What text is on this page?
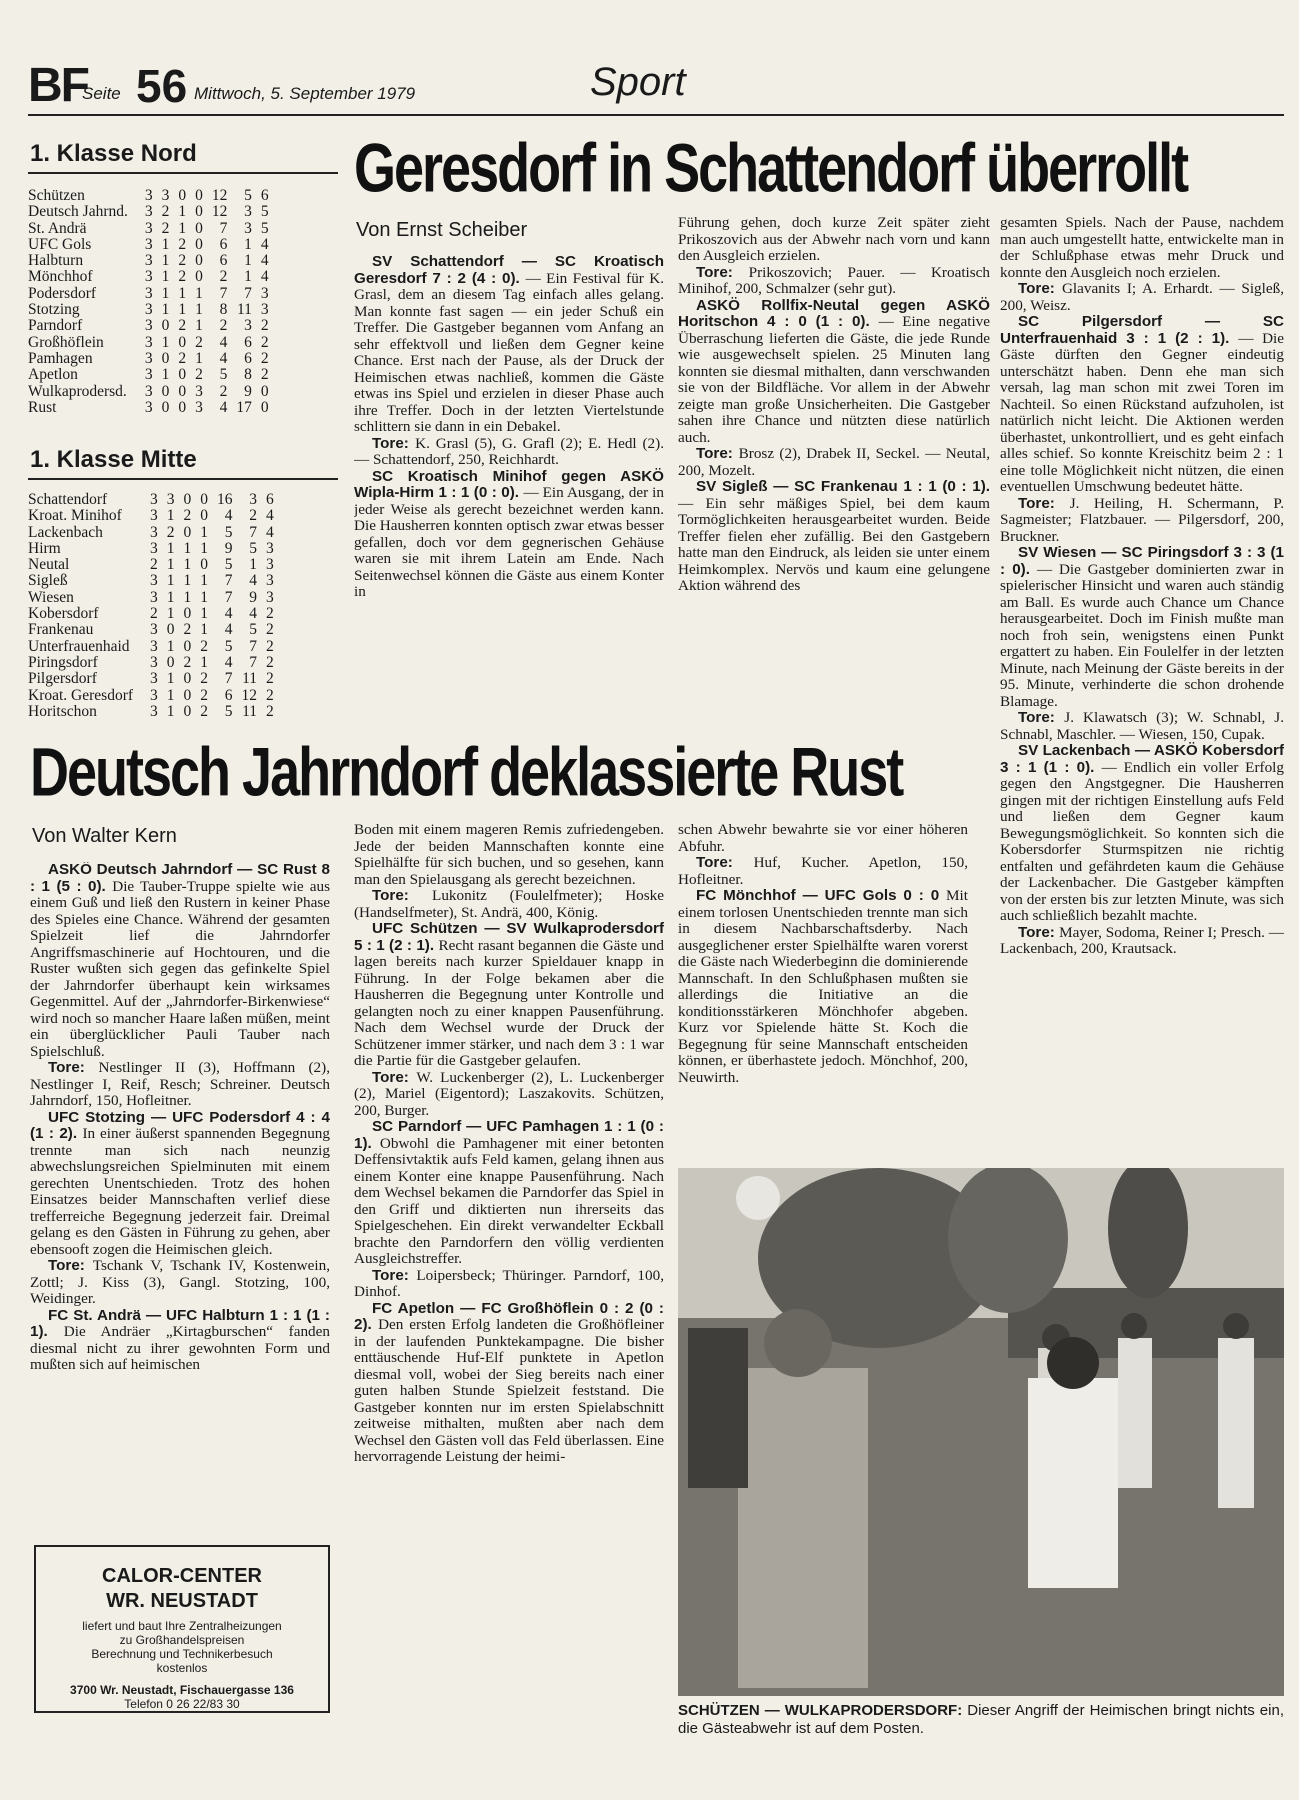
BF
Seite 56 Mittwoch, 5. September 1979	Sport
1. Klasse Nord
Schützen	3	3	0	0	12	5	6
Deutsch Jahrnd.	3	2	1	0	12	3	5
St. Andrä	3	2	1	0	7	3	5
UFC Gols	3	1	2	0	6	1	4
Halbturn	3	1	2	0	6	1	4
Mönchhof	3	1	2	0	2	1	4
Podersdorf	3	1	1	1	7	7	3
Stotzing	3	1	1	1	8	11	3
Parndorf	3	0	2	1	2	3	2
Großhöflein	3	1	0	2	4	6	2
Pamhagen	3	0	2	1	4	6	2
Apetlon	3	1	0	2	5	8	2
Wulkaprodersd.	3	0	0	3	2	9	0
Rust	3	0	0	3	4	17	0
1. Klasse Mitte
Schattendorf	3	3	0	0	16	3	6
Kroat. Minihof	3	1	2	0	4	2	4
Lackenbach	3	2	0	1	5	7	4
Hirm	3	1	1	1	9	5	3
Neutal	2	1	1	0	5	1	3
Sigleß	3	1	1	1	7	4	3
Wiesen	3	1	1	1	7	9	3
Kobersdorf	2	1	0	1	4	4	2
Frankenau	3	0	2	1	4	5	2
Unterfrauenhaid	3	1	0	2	5	7	2
Piringsdorf	3	0	2	1	4	7	2
Pilgersdorf	3	1	0	2	7	11	2
Kroat. Geresdorf	3	1	0	2	6	12	2
Horitschon	3	1	0	2	5	11	2
Geresdorf in Schattendorf überrollt
Von Ernst Scheiber

SV Schattendorf — SC Kroatisch Geresdorf 7 : 2 (4 : 0). — Ein Festival für K. Grasl, dem an diesem Tag einfach alles gelang. Man konnte fast sagen — ein jeder Schuß ein Treffer. Die Gastgeber begannen vom Anfang an sehr effektvoll und ließen dem Gegner keine Chance. Erst nach der Pause, als der Druck der Heimischen etwas nachließ, kommen die Gäste etwas ins Spiel und erzielen in dieser Phase auch ihre Treffer. Doch in der letzten Viertelstunde schlittern sie dann in ein Debakel.

Tore: K. Grasl (5), G. Grafl (2); E. Hedl (2). — Schattendorf, 250, Reichhardt.

SC Kroatisch Minihof gegen ASKÖ Wipla-Hirm 1 : 1 (0 : 0). — Ein Ausgang, der in jeder Weise als gerecht bezeichnet werden kann. Die Hausherren konnten optisch zwar etwas besser gefallen, doch vor dem gegnerischen Gehäuse waren sie mit ihrem Latein am Ende. Nach Seitenwechsel können die Gäste aus einem Konter in

Führung gehen, doch kurze Zeit später zieht Prikoszovich aus der Abwehr nach vorn und kann den Ausgleich erzielen.

Tore: Prikoszovich; Pauer. — Kroatisch Minihof, 200, Schmalzer (sehr gut).

ASKÖ Rollfix-Neutal gegen ASKÖ Horitschon 4 : 0 (1 : 0). — Eine negative Überraschung lieferten die Gäste, die jede Runde wie ausgewechselt spielen. 25 Minuten lang konnten sie diesmal mithalten, dann verschwanden sie von der Bildfläche. Vor allem in der Abwehr zeigte man große Unsicherheiten. Die Gastgeber sahen ihre Chance und nützten diese natürlich auch.

Tore: Brosz (2), Drabek II, Seckel. — Neutal, 200, Mozelt.

SV Sigleß — SC Frankenau 1 : 1 (0 : 1). — Ein sehr mäßiges Spiel, bei dem kaum Tormöglichkeiten herausgearbeitet wurden. Beide Treffer fielen eher zufällig. Bei den Gastgebern hatte man den Eindruck, als leiden sie unter einem Heimkomplex. Nervös und kaum eine gelungene Aktion während des

gesamten Spiels. Nach der Pause, nachdem man auch umgestellt hatte, entwickelte man in der Schlußphase etwas mehr Druck und konnte den Ausgleich noch erzielen.

Tore: Glavanits I; A. Erhardt. — Sigleß, 200, Weisz.

SC Pilgersdorf — SC Unterfrauenhaid 3 : 1 (2 : 1). — Die Gäste dürften den Gegner eindeutig unterschätzt haben. Denn ehe man sich versah, lag man schon mit zwei Toren im Nachteil. So einen Rückstand aufzuholen, ist natürlich nicht leicht. Die Aktionen werden überhastet, unkontrolliert, und es geht einfach alles schief. So konnte Kreischitz beim 2 : 1 eine tolle Möglichkeit nicht nützen, die einen eventuellen Umschwung bedeutet hätte.

Tore: J. Heiling, H. Schermann, P. Sagmeister; Flatzbauer. — Pilgersdorf, 200, Bruckner.

SV Wiesen — SC Piringsdorf 3 : 3 (1 : 0). — Die Gastgeber dominierten zwar in spielerischer Hinsicht und waren auch ständig am Ball. Es wurde auch Chance um Chance herausgearbeitet. Doch im Finish mußte man noch froh sein, wenigstens einen Punkt ergattert zu haben. Ein Foulelfer in der letzten Minute, nach Meinung der Gäste bereits in der 95. Minute, verhinderte die schon drohende Blamage.

Tore: J. Klawatsch (3); W. Schnabl, J. Schnabl, Maschler. — Wiesen, 150, Cupak.

SV Lackenbach — ASKÖ Kobersdorf 3 : 1 (1 : 0). — Endlich ein voller Erfolg gegen den Angstgegner. Die Hausherren gingen mit der richtigen Einstellung aufs Feld und ließen dem Gegner kaum Bewegungsmöglichkeit. So konnten sich die Kobersdorfer Sturmspitzen nie richtig entfalten und gefährdeten kaum die Gehäuse der Lackenbacher. Die Gastgeber kämpften von der ersten bis zur letzten Minute, was sich auch schließlich bezahlt machte.

Tore: Mayer, Sodoma, Reiner I; Presch. — Lackenbach, 200, Krautsack.

Deutsch Jahrndorf deklassierte Rust
Von Walter Kern

ASKÖ Deutsch Jahrndorf — SC Rust 8 : 1 (5 : 0). Die Tauber-Truppe spielte wie aus einem Guß und ließ den Rustern in keiner Phase des Spieles eine Chance. Während der gesamten Spielzeit lief die Jahrndorfer Angriffsmaschinerie auf Hochtouren, und die Ruster wußten sich gegen das gefinkelte Spiel der Jahrndorfer überhaupt kein wirksames Gegenmittel. Auf der „Jahrndorfer-Birkenwiese“ wird noch so mancher Haare laßen müßen, meint ein überglücklicher Pauli Tauber nach Spielschluß.

Tore: Nestlinger II (3), Hoffmann (2), Nestlinger I, Reif, Resch; Schreiner. Deutsch Jahrndorf, 150, Hofleitner.

UFC Stotzing — UFC Podersdorf 4 : 4 (1 : 2). In einer äußerst spannenden Begegnung trennte man sich nach neunzig abwechslungsreichen Spielminuten mit einem gerechten Unentschieden. Trotz des hohen Einsatzes beider Mannschaften verlief diese trefferreiche Begegnung jederzeit fair. Dreimal gelang es den Gästen in Führung zu gehen, aber ebensooft zogen die Heimischen gleich.

Tore: Tschank V, Tschank IV, Kostenwein, Zottl; J. Kiss (3), Gangl. Stotzing, 100, Weidinger.

FC St. Andrä — UFC Halbturn 1 : 1 (1 : 1). Die Andräer „Kirtagburschen“ fanden diesmal nicht zu ihrer gewohnten Form und mußten sich auf heimischen

Boden mit einem mageren Remis zufriedengeben. Jede der beiden Mannschaften konnte eine Spielhälfte für sich buchen, und so gesehen, kann man den Spielausgang als gerecht bezeichnen.

Tore: Lukonitz (Foulelfmeter); Hoske (Handselfmeter), St. Andrä, 400, König.

UFC Schützen — SV Wulkaprodersdorf 5 : 1 (2 : 1). Recht rasant begannen die Gäste und lagen bereits nach kurzer Spieldauer knapp in Führung. In der Folge bekamen aber die Hausherren die Begegnung unter Kontrolle und gelangten noch zu einer knappen Pausenführung. Nach dem Wechsel wurde der Druck der Schützener immer stärker, und nach dem 3 : 1 war die Partie für die Gastgeber gelaufen.

Tore: W. Luckenberger (2), L. Luckenberger (2), Mariel (Eigentord); Laszakovits. Schützen, 200, Burger.

SC Parndorf — UFC Pamhagen 1 : 1 (0 : 1). Obwohl die Pamhagener mit einer betonten Deffensivtaktik aufs Feld kamen, gelang ihnen aus einem Konter eine knappe Pausenführung. Nach dem Wechsel bekamen die Parndorfer das Spiel in den Griff und diktierten nun ihrerseits das Spielgeschehen. Ein direkt verwandelter Eckball brachte den Parndorfern den völlig verdienten Ausgleichstreffer.

Tore: Loipersbeck; Thüringer. Parndorf, 100, Dinhof.

FC Apetlon — FC Großhöflein 0 : 2 (0 : 2). Den ersten Erfolg landeten die Großhöfleiner in der laufenden Punktekampagne. Die bisher enttäuschende Huf-Elf punktete in Apetlon diesmal voll, wobei der Sieg bereits nach einer guten halben Stunde Spielzeit feststand. Die Gastgeber konnten nur im ersten Spielabschnitt zeitweise mithalten, mußten aber nach dem Wechsel den Gästen voll das Feld überlassen. Eine hervorragende Leistung der heimi-

schen Abwehr bewahrte sie vor einer höheren Abfuhr.

Tore: Huf, Kucher. Apetlon, 150, Hofleitner.

FC Mönchhof — UFC Gols 0 : 0 Mit einem torlosen Unentschieden trennte man sich in diesem Nachbarschaftsderby. Nach ausgeglichener erster Spielhälfte waren vorerst die Gäste nach Wiederbeginn die dominierende Mannschaft. In den Schlußphasen mußten sie allerdings die Initiative an die konditionsstärkeren Mönchhofer abgeben. Kurz vor Spielende hätte St. Koch die Begegnung für seine Mannschaft entscheiden können, er überhastete jedoch. Mönchhof, 200, Neuwirth.

CALOR-CENTER
WR. NEUSTADT
liefert und baut Ihre Zentralheizungen
zu Großhandelspreisen
Berechnung und Technikerbesuch
kostenlos
3700 Wr. Neustadt, Fischauergasse 136
Telefon 0 26 22/83 30	SCHÜTZEN — WULKAPRODERSDORF: Dieser Angriff der Heimischen bringt nichts ein, die Gästeabwehr ist auf dem Posten.
